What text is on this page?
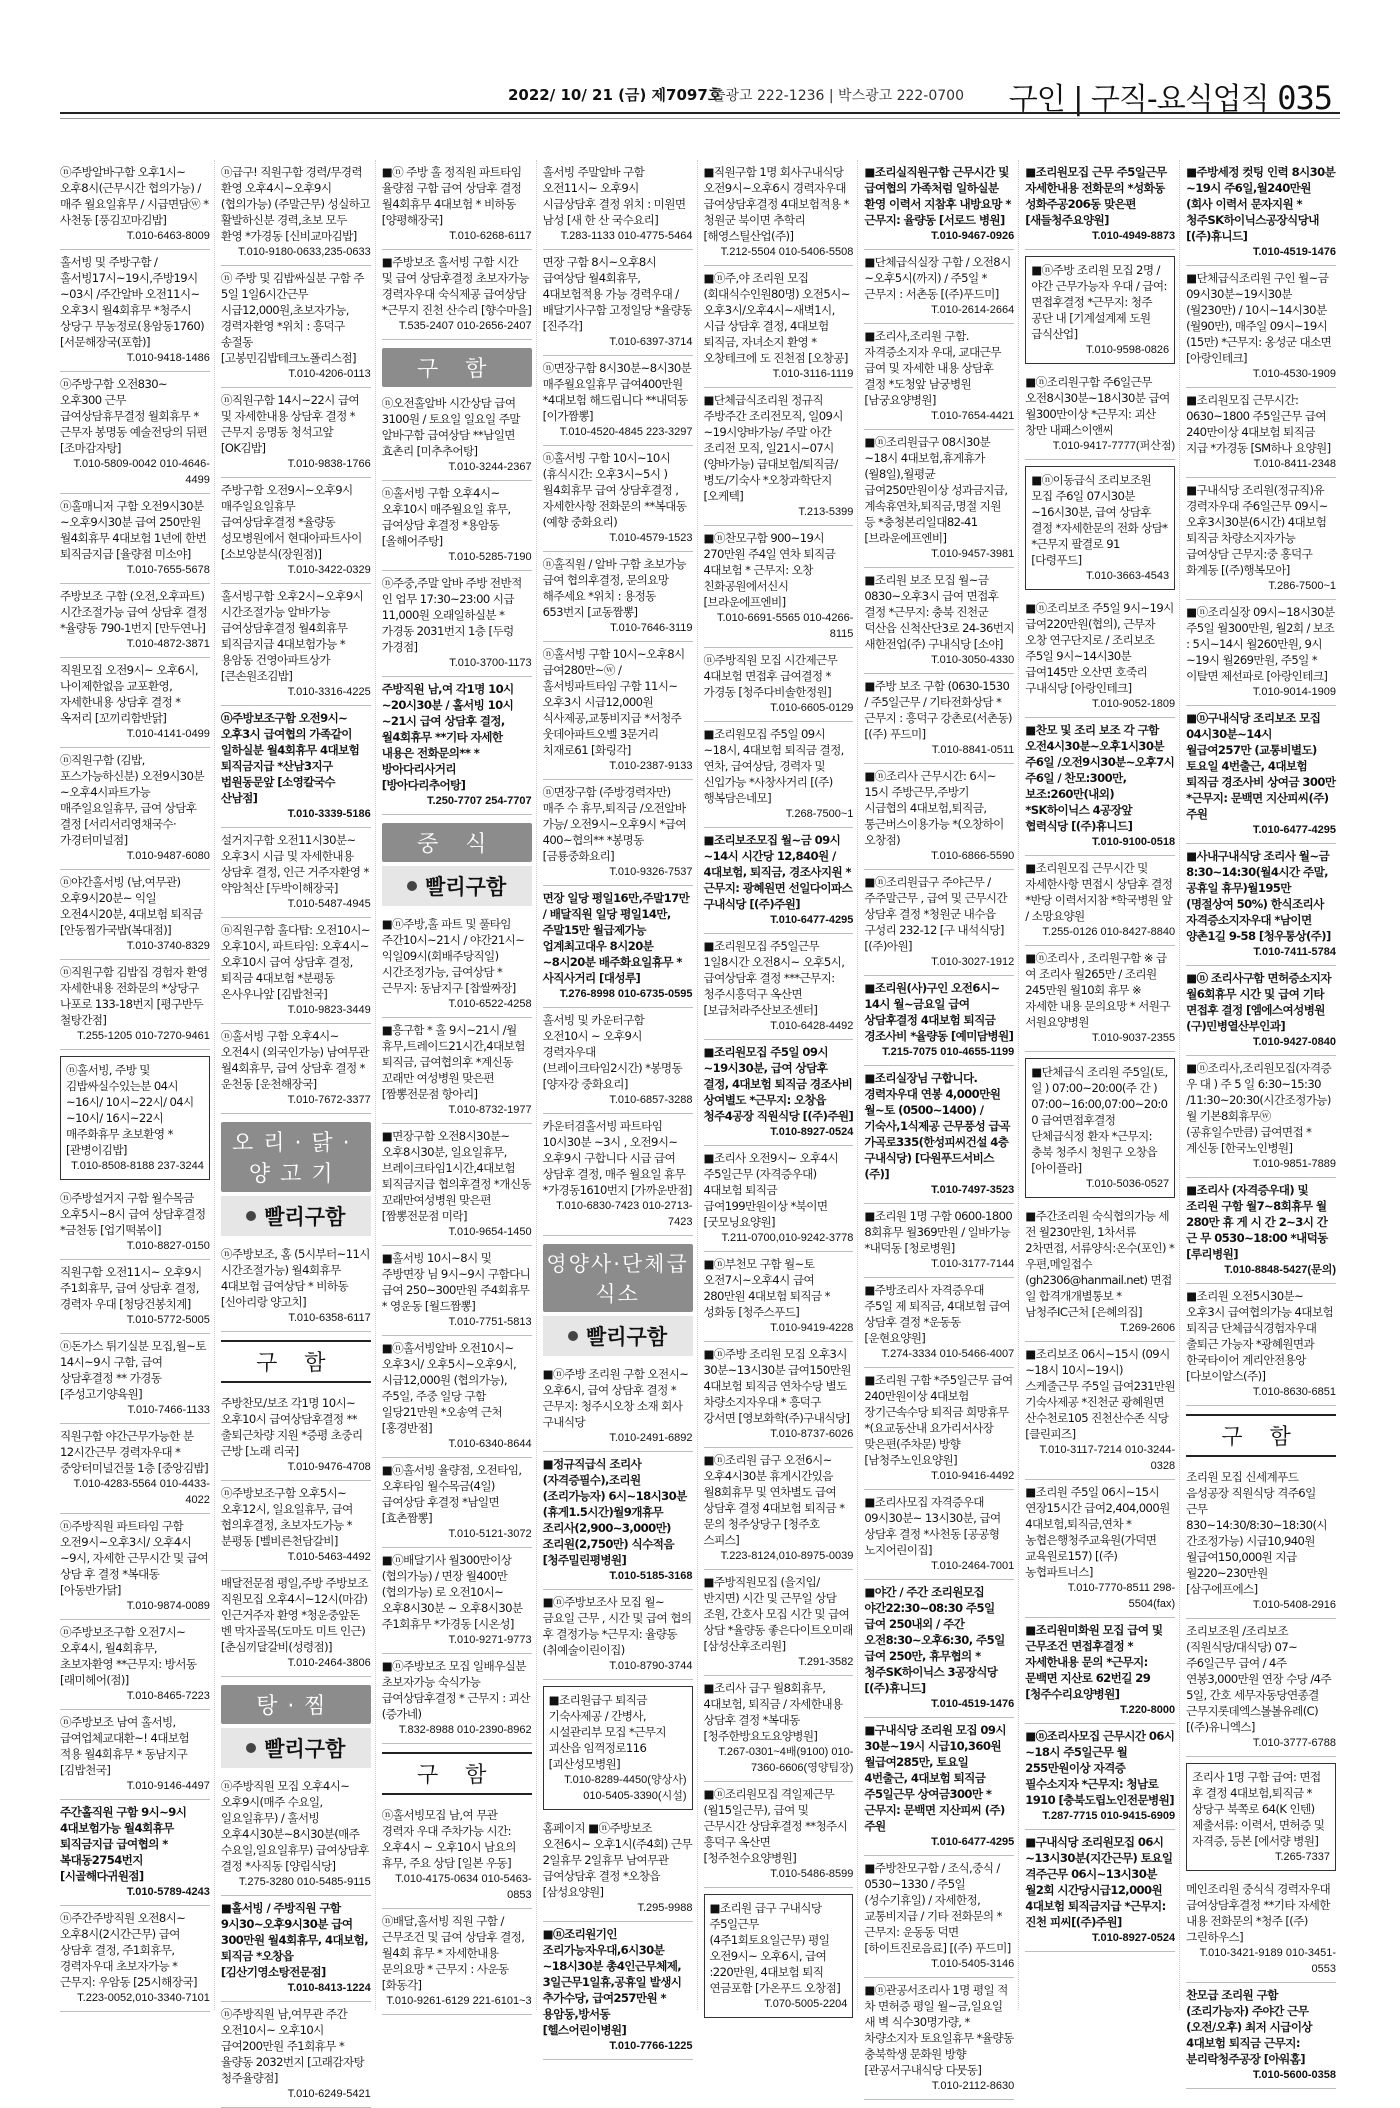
2022/ 10/ 21 (금) 제7097호
출광고 222-1236 | 박스광고 222-0700 구인 | 구직-요식업직 035
ⓝ주방알바구함 오후1시~ 오후8시(근무시간 협의가능) / 매주 월요일휴무 / 시급면담ⓦ *사천동 [풍김꼬마김밥]
T.010-6463-8009
홀서빙 및 주방구함 / 홀서빙17시~19시,주방19시~03시 /주간알바 오전11시~오후3시 월4회휴무 *청주시 상당구 무농정로(용암동1760) [서문해장국(포함)]
T.010-9418-1486
ⓝ주방구함 오전830~ 오후300 근무 급여상담휴무결정 월회휴무 *근무자 봉명동 예술전당의 뒤편 [조마감자탕]
T.010-5809-0042 010-4646-4499
ⓝ홀매니저 구함 오전9시30분~오후9시30분 급여 250만원 월4회휴무 4대보험 1년에 한번 퇴직금지급 [율량점 미소야]
T.010-7655-5678
주방보조 구함 (오전,오후파트) 시간조절가능 급여 상담후 결정 *율량동 790-1번지 [만두연나]
T.010-4872-3871
직원모집 오전9시~ 오후6시, 나이제한없음 교포환영, 자세한내용 상담후 결정 *옥저리 [꼬끼리함반닭]
T.010-4141-0499
ⓝ직원구함 (김밥, 포스가능하신분) 오전9시30분~오후4시파트가능 매주일요일휴무, 급여 상담후 결정 [서리서리영채국수·가경터미널점]
T.010-9487-6080
ⓝ야간홀서빙 (남,여무관) 오후9시20분~ 익일 오전4시20분, 4대보험 퇴직금 [안동찜가국밥(복대점)]
T.010-3740-8329
ⓝ직원구함 김밥집 경험자 환영 자세한내용 전화문의 *상당구 나포로 133-18번지 [평구반두 철탕간점]
T.255-1205 010-7270-9461
ⓝ홀서빙, 주방 및 김밥싸실수있는분 04시~16시/ 10시~22시/ 04시~10시/ 16시~22시 매주화휴무 초보환영 *[관병이김밥]
T.010-8508-8188 237-3244
ⓝ주방설거지 구함 월수목금 오후5시~8시 급여 상담후결정 *금천동 [업기떡볶이]
T.010-8827-0150
직원구함 오전11시~ 오후9시 주1회휴무, 급여 상담후 결정, 경력자 우대 [청당건봉치계]
T.010-5772-5005
ⓝ돈가스 튀기실분 모집,월~토 14시~9시 구함, 급여 상담후결정 ** 가경동 [주성고기양육원]
T.010-7466-1133
직원구함 야간근무가능한 분 12시간근무 경력자우대 *중앙터미널건물 1층 [중앙김밥]
T.010-4283-5564 010-4433-4022
ⓝ주방직원 파트타임 구함 오전9시~오후3시/ 오후4시~9시, 자세한 근무시간 및 급여 상담 후 결정 *복대동 [아동반가닭]
T.010-9874-0089
ⓝ주방보조구함 오전7시~오후4시, 월4회휴무, 초보자환영 **근무지: 방서동 [래미헤어(점)]
T.010-8465-7223
ⓝ주방보조 남여 홀서빙, 급여업체교대환~! 4대보험 적용 월4회휴무 * 동남지구 [김밥천국]
T.010-9146-4497
주간홀직원 구함 9시~9시 4대보험가능 월4회휴무 퇴직금지급 급여협의 *복대동2754번지 [시골해다귀원점]
T.010-5789-4243
ⓝ주간주방직원 오전8시~오후8시(2시간근무) 급여 상담후 결정, 주1회휴무, 경력자우대 초보자가능 *근무지: 우암동 [25시해장국]
T.223-0052,010-3340-7101
ⓝ급구! 직원구함 경력/무경력 환영 오후4시~오후9시(협의가능) (주말근무) 성실하고 활발하신분 경력,초보 모두 환영 *가경동 [신비교마김밥]
T.010-9180-0633,235-0633
ⓝ 주방 및 김밥싸실분 구함 주 5일 1일6시간근무 시급12,000원,초보자가능, 경력자환영 *위치 : 흥덕구 송절동 [고봉민김밥테크노폴리스점]
T.010-4206-0113
ⓝ직원구함 14시~22시 급여 및 자세한내용 상담후 결정 *근무지 응명동 청석고앞 [OK김밥]
T.010-9838-1766
주방구함 오전9시~오후9시 매주일요일휴무 급여상담후결정 *율량동 성모병원에서 현대아파트사이 [소보앙분식(장원점)]
T.010-3422-0329
홀서빙구함 오후2시~오후9시 시간조절가능 알바가능 급여상담후결정 월4회휴무 퇴직금지급 4대보험가능 *용암동 건영아파트상가 [큰손원조김밥]
T.010-3316-4225
ⓝ주방보조구함 오전9시~ 오후3시 급여협의 가족같이 일하실분 월4회휴무 4대보험 퇴직금지급 *산남3지구 법원동문앞 [소영칼국수 산남점]
T.010-3339-5186
설거지구함 오전11시30분~오후3시 시급 및 자세한내용 상담후 결정, 인근 거주자환영 *약암척산 [두박이해장국]
T.010-5487-4945
ⓝ직원구함 홀다탑: 오전10시~오후10시, 파트타임: 오후4시~오후10시 급여 상담후 결정, 퇴직금 4대보험 *분평동 온사우나앞 [김밥천국]
T.010-9823-3449
ⓝ홀서빙 구함 오후4시~오전4시 (외국인가능) 남여무관 월4회휴무, 급여 상담후 결정 *운천동 [운천해장국]
T.010-7672-3377
오리·닭·양고기
빨리구함
ⓝ주방보조, 홈 (5시부터~11시 시간조절가능) 월4회휴무 4대보험 급여상담 * 비하동 [신아리랑 양고치]
T.010-6358-6117
구 함
주방찬모/보조 각1명 10시~오후10시 급여상담후결정 **출퇴근차량 지원 *증평 초중리 근방 [노래 리국]
T.010-9476-4708
ⓝ주방보조구함 오후5시~오후12시, 일요일휴무, 급여 협의후결정, 초보자도가능 * 분평동 [벨비른천담갈비]
T.010-5463-4492
배달전문점 평일,주방 주방보조 직원모집 오후4시~12시(마감) 인근거주자 환영 *청운중앞돈 벤 막자골목(도마도 미트 인근) [춘심끼달갈비(성령점)]
T.010-2464-3806
탕·찜
빨리구함
ⓝ주방직원 모집 오후4시~오후9시(매주 수요일,일요일휴무) / 홀서빙 오후4시30분~8시30분(매주 수요일,일요일휴무) 급여상담후 결정 *사직동 [양림식당]
T.275-3280 010-5485-9115
■홀서빙 / 주방직원 구함 9시30~오후9시30분 급여 300만원 월4회휴무, 4대보험,퇴직금 *오창읍 [김산기영소탕전문점]
T.010-8413-1224
ⓝ주방직원 남,여무관 주간 오전10시~ 오후10시 급여200만원 주1회휴무 *율량동 2032번지 [고래감자탕 청주율량점]
T.010-6249-5421
■ⓝ 주방 홀 정직원 파트타임 율량점 구함 급여 상담후 결정 월4회휴무 4대보험 * 비하동 [양평해장국]
T.010-6268-6117
■주방보조 홀서빙 구함 시간 및 급여 상담후결정 초보자가능 경력자우대 숙식제공 급여상담 *근무지 진천 산수리 [향수마을]
T.535-2407 010-2656-2407
구 함
ⓝ오전홀알바 시간상담 급여 3100원 / 토요일 일요일 주말 알바구함 급여상담 **남일면 효촌리 [미추추어탕]
T.010-3244-2367
ⓝ홀서빙 구함 오후4시~ 오후10시 매주월요일 휴무,급여상담 후결정 *용암동 [올해어주탕]
T.010-5285-7190
ⓝ주중,주말 알바 주방 전반적 인 업무 17:30~23:00 시급 11,000원 오래일하실분 *가경동 2031번지 1층 [두렁 가경점]
T.010-3700-1173
주방직원 남,여 각1명 10시~20시30분 / 홀서빙 10시~21시 급여 상담후 결정, 월4회휴무 **기타 자세한 내용은 전화문의** *방아다리사거리 [방아다리추어탕]
T.250-7707 254-7707
중 식
빨리구함
■ⓝ주방,홀 파트 및 풀타임 주간10시~21시 / 야간21시~익일09시(회배주당직일) 시간조정가능, 급여상담 * 근무지: 동남지구 [찹쌀짜장]
T.010-6522-4258
■흥구함 * 홀 9시~21시 /월 휴무,트레이드21시간,4대보험 퇴직금, 급여협의후 *계신동 꼬래만 여성병원 맞은편 [짬뽕전문점 항아리]
T.010-8732-1977
■면장구함 오전8시30분~ 오후8시30분, 일요일휴무, 브레이크타임1시간,4대보험 퇴직금지급 협의후결정 *개신동 꼬래만여성병원 맞은편 [짬뽕전문점 미락]
T.010-9654-1450
■홀서빙 10시~8시 및 주방면장 님 9시~9시 구함다니 급여 250~300만원 주4회휴무 * 영운동 [월드짬뽕]
T.010-7751-5813
■ⓝ홀서빙알바 오전10시~오후3시/ 오후5시~오후9시, 시급12,000원 (협의가능), 주5일, 주중 일당 구함 일당21만원 *오송역 근처 [홍경반점]
T.010-6340-8644
■ⓝ홀서빙 율량점, 오전타임,오후타임 월수목금(4일) 급여상담 후결정 *남일면 [효촌짬뽕]
T.010-5121-3072
■ⓝ배달기사 월300만이상 (협의가능) / 면장 월400만 (협의가능) 로 오전10시~ 오후8시30분 ~ 오후8시30분 주1회휴무 *가경동 [시온성]
T.010-9271-9773
■ⓝ주방보조 모집 일배우실분 초보자가능 숙식가능 급여상담후결정 * 근무지 : 괴산(증가네)
T.832-8988 010-2390-8962
구 함
ⓝ홀서빙모집 남,여 무관 경력자 우대 주차가능 시간: 오후4시 ~ 오후10시 남요의 휴무, 주요 상담 [일본 우동]
T.010-4175-0634 010-5463-0853
ⓝ배달,홀서빙 직원 구함 / 근무조건 및 급여 상담후 결정, 월4회 휴무 * 자세한내용 문의요망 * 근무지 : 사운동 [화동각]
T.010-9261-6129 221-6101~3
홀서빙 주말알바 구함 오전11시~ 오후9시 시급상담후 결정 위치 : 미원면 남성 [새 한 산 국수요리]
T.283-1133 010-4775-5464
면장 구함 8시~오후8시 급여상담 월4회휴무, 4대보험적용 가능 경력우대 / 배달기사구함 고정일당 *율량동 [진주각]
T.010-6397-3714
ⓝ면장구함 8시30분~8시30분 매주월요일휴무 급여400만원 *4대보험 해드립니다 **내덕동 [이가짬뽕]
T.010-4520-4845 223-3297
ⓝ홀서빙 구함 10시~10시 (휴식시간: 오후3시~5시 )월4회휴무 급여 상담후결정 , 자세한사항 전화문의 **복대동 (예향 중화요리)
T.010-4579-1523
ⓝ홀직원 / 알바 구함 초보가능 급여 협의후결정, 문의요망 해주세요 *위치 : 용정동 653번지 [교동짬뽕]
T.010-7646-3119
ⓝ홀서빙 구함 10시~오후8시 급여280만~ⓦ / 홀서빙파트타임 구함 11시~오후3시 시급12,000원 식사제공,교통비지급 *서청주 웃데아파트오벨 3문거리 치재로61 [화링각]
T.010-2387-9133
ⓝ면장구함 (주방경력자만) 매주 수 휴무,퇴직금 /오전알바 가능/ 오전9시~오후9시 *급여 400~협의** *봉명동 [금룡중화요리]
T.010-9326-7537
면장 일당 평일16만,주말17만 / 배달직원 일당 평일14만,주말15만 월급제가능 업계최고대우 8시20분~8시20분 배주화요일휴무 * 사직사거리 [대성루]
T.276-8998 010-6735-0595
홀서빙 및 카운터구함 오전10시 ~ 오후9시 경력자우대 (브레이크타임2시간) *봉명동 [양자강 중화요리]
T.010-6857-3288
카운터겸홀서빙 파트타임 10시30분 ~3시 , 오전9시~오후9시 구합니다 시급 급여 상담후 결정, 매주 월요일 휴무 *가경동1610번지 [가까운반점]
T.010-6830-7423 010-2713-7423
영양사·단체급식소
빨리구함
■ⓝ주방 조리원 구함 오전시~ 오후6시, 급여 상담후 결정 * 근무지: 청주시오창 소재 회사 구내식당
T.010-2491-6892
■정규직급식 조리사(자격증필수),조리원(조리가능자) 6시~18시30분(휴게1.5시간)월9개휴무 조리사(2,900~3,000만)조리원(2,750만) 식수적음 [청주밀린평병원]
T.010-5185-3168
■ⓝ주방보조사 모집 월~금요일 근무 , 시간 및 급여 협의 후 결정가능 *근무지: 율량동 (취예술이린이집)
T.010-8790-3744
■조리원급구 퇴직금 기숙사제공 / 간병사,시설관리부 모집 *근무지 괴산읍 임꺽정로116 [괴산성모병원]
T.010-8289-4450(양상사) 010-5405-3390(시설)
홈페이지 ■ⓝ주방보조 오전6시~ 오후1시(주4회) 근무 2일휴무 2일휴무 남여무관 급여상담후 결정 *오창읍 [삼성요양원]
T.295-9988
■ⓝ조리원기인 조리가능자우대,6시30분~18시30분 총4인근무체제, 3일근무1일휴,공휴일 발생시 추가수당, 급여257만원 * 용암동,방서동 [헬스어린이병원]
T.010-7766-1225
■직원구함 1명 회사구내식당 오전9시~오후6시 경력자우대 급여상담후결정 4대보험적용 *청원군 북이면 추학리 [해영스틸산업(주)]
T.212-5504 010-5406-5508
■ⓝ주,야 조리원 모집 (회대식수인원80명) 오전5시~오후3시/오후4시~새벽1시, 시급 상담후 결정, 4대보험 퇴직금, 자녀소지 환영 *오창테크에 도 진천점 [오창공]
T.010-3116-1119
■단체급식조리원 정규직 주방주간 조리전모직, 일09시~19시양바가능/ 주말 아간 조리전 모직, 일21시~07시(양바가능) 급대보험/퇴직금/병도/기숙사 *오창과학단지 [오케텍]
T.213-5399
■ⓝ찬모구함 900~19시 270만원 주4일 연차 퇴직금 4대보험 * 근무지: 오창 친화공원에서신시 [브라운에프엔비]
T.010-6691-5565 010-4266-8115
ⓝ주방직원 모집 시간제근무 4대보험 면접후 급여결정 *가경동 [청주다비솔한정원]
T.010-6605-0129
■조리원모집 주5일 09시~18시, 4대보험 퇴직금 결정, 연차, 급여상담, 경력자 및 신입가능 *사창사거리 [(주)행복담은네모]
T.268-7500~1
■조리보조모집 월~금 09시 ~14시 시간당 12,840원 / 4대보험, 퇴직금, 경조사지원 *근무지: 광혜원면 선일다이파스 구내식당 [(주)주원]
T.010-6477-4295
■조리원모집 주5일근무 1일8시간 오전8시~ 오후5시, 급여상담후 결정 ***근무지: 청주시흥덕구 옥산면 [보급처라주산보조센터]
T.010-6428-4492
■조리원모집 주5일 09시~19시30분, 급여 상담후 결정, 4대보험 퇴직금 경조사비 상여별도 *근무지: 오창읍 청주4공장 직원식당 [(주)주원]
T.010-8927-0524
■조리사 오전9시~ 오후4시 주5일근무 (자격증우대) 4대보험 퇴직금 급여199만원이상 *북이면 [굿모닝요양원]
T.211-0700,010-9242-3778
■ⓝ부천모 구함 월~토 오전7시~오후4시 급여 280만원 4대보험 퇴직금 *성화동 [청주스푸드]
T.010-9419-4228
■ⓝ주방 조리원 모집 오후3시 30분~13시30분 급여150만원 4대보험 퇴직금 연차수당 별도 차량소지자우대 * 흥덕구 강서면 [영보화학(주)구내식당]
T.010-8737-6026
■ⓝ조리원 급구 오전6시~ 오후4시30분 휴게시간있음 월8회휴무 및 연차별도 급여 상담후 결정 4대보험 퇴직금 *문의 청주상당구 [청주호 스피스]
T.223-8124,010-8975-0039
■주방직원모집 (을지입/반지면) 시간 및 근무일 상담 조원, 간호사 모집 시간 및 급여 상담 *율량동 좋은다이트오미래 [삼성산후조리원]
T.291-3582
■조리사 급구 월8회휴무, 4대보험, 퇴직금 / 자세한내용 상담후 결정 *복대동 [청주한방요도요양병원]
T.267-0301~4배(9100) 010-7360-6606(영양팀장)
■ⓝ조리원모집 격일제근무 (월15일근무), 급여 및 근무시간 상담후결정 **청주시 흥덕구 옥산면 [청주천수요양병원]
T.010-5486-8599
■조리원 급구 구내식당 주5일근무(4주1회토요일근무) 평일 오전9시~ 오후6시, 급여 :220만원, 4대보험 퇴직 연금포함 [가온푸드 오창점]
T.070-5005-2204
■조리실직원구함 근무시간 및 급여협의 가족처럼 일하실분 환영 이력서 지참후 내방요망 *근무지: 율량동 [서로드 병원]
T.010-9467-0926
■단체급식실장 구함 / 오전8시~오후5시(까지) / 주5일 * 근무지 : 서촌동 [(주)푸드미]
T.010-2614-2664
■조리사,조리원 구함. 자격증소지자 우대, 교대근무 급여 및 자세한 내용 상담후 결정 *도청앞 남궁병원 [남궁요양병원]
T.010-7654-4421
■ⓝ조리원급구 08시30분~18시 4대보험,휴게휴가(월8일),월평균 급여250만원이상 성과금지급, 계속휴연차,퇴직금,명절 지원 등 *충청본리일대82-41 [브라운에프엔비]
T.010-9457-3981
■조리원 보조 모집 월~금 0830~오후3시 급여 면접후 결정 *근무지: 충북 진천군 덕산읍 신척산단3로 24-36번지 새한전업(주) 구내식당 [소야]
T.010-3050-4330
■주방 보조 구함 (0630-1530 / 주5일근무 / 기타전화상담 * 근무지 : 흥덕구 강촌로(서촌동) [(주) 푸드미]
T.010-8841-0511
■ⓝ조리사 근무시간: 6시~ 15시 주방근무,주방기 시급협의 4대보험,퇴직금,통근버스이용가능 *(오창하이 오창점)
T.010-6866-5590
■ⓝ조리원급구 주야근무 /주주말근무 , 급여 및 근무시간 상담후 결정 *청원군 내수읍 구성리 232-12 [구 내석식당] [(주)아원]
T.010-3027-1912
■조리원(사)구인 오전6시~ 14시 월~금요일 급여 상담후결정 4대보험 퇴직금 경조사비 *율량동 [예미담병원]
T.215-7075 010-4655-1199
■조리실장님 구합니다.경력자우대 연봉 4,000만원 월~토 (0500~1400) / 기숙사,1식제공 근무풍성 급곡 가곡로335(한성피씨건설 4층 구내식당) [다원푸드서비스(주)]
T.010-7497-3523
■조리원 1명 구함 0600-1800 8회휴무 월369만원 / 일바가능 *내덕동 [청로병원]
T.010-3177-7144
■주방조리사 자격증우대 주5일 제 퇴직금, 4대보험 급여 상담후 결정 *운동동 [운현요양원]
T.274-3334 010-5466-4007
■조리원 구함 *주5일근무 급여 240만원이상 4대보험 장기근속수당 퇴직금 희망휴무 *(요교동산내 요가리서사장 맞은편(주차문) 방향 [남청주노인요양원]
T.010-9416-4492
■조리사모집 자격증우대 09시30분~ 13시30분, 급여 상담후 결정 *사천동 [공공형 노지어린이집]
T.010-2464-7001
■야간 / 주간 조리원모집 야간22:30~08:30 주5일 급여 250내외 / 주간 오전8:30~오후6:30, 주5일 급여 250만, 휴무협의 *청주SK하이닉스 3공장식당 [(주)휴니드]
T.010-4519-1476
■구내식당 조리원 모집 09시 30분~19시 시급10,360원 월급여285만, 토요일 4번출근, 4대보험 퇴직금 주5일근무 상여금300만 *근무지: 문백면 지산피씨 (주)주원
T.010-6477-4295
■주방찬모구함 / 조식,중식 / 0530~1330 / 주5일(성수기휴일) / 자세한정, 교통비지급 / 기타 전화문의 * 근무지: 운동동 덕면 [하이트진로음료] [(주) 푸드미]
T.010-5405-3146
■ⓝ관공서조리사 1명 평일 적 차 면허증 평일 월~금,일요일 새 벽 식수30명가량, *차량소지자 토요일휴무 *율량동 충북학생 문화원 방향 [관공서구내식당 다뭇동]
T.010-2112-8630
■조리원모집 근무 주5일근무 자세한내용 전화문의 *성화동 성화주공206동 맞은편 [새들청주요양원]
T.010-4949-8873
■ⓝ주방 조리원 모집 2명 / 야간 근무가능자 우대 / 급여: 면접후결정 *근무지: 청주 공단 내 [기계설계제 도원 급식산업]
T.010-9598-0826
■ⓝ조리원구함 주6일근무 오전8시30분~18시30분 급여 월300만이상 *근무지: 괴산 창만 내패스이앤씨
T.010-9417-7777(퍼산점)
■ⓝ이동급식 조리보조원 모집 주6일 07시30분~16시30분, 급여 상담후 결정 *자세한문의 전화 상담* *근무지 팔결로 91 [다령푸드]
T.010-3663-4543
■ⓝ조리보조 주5일 9시~19시 급여220만원(협의), 근무자 오창 연구단지로 / 조리보조 주5일 9시~14시30분 급여145만 오산면 호죽리 구내식당 [아랑인테크]
T.010-9052-1809
■찬모 및 조리 보조 각 구함 오전4시30분~오후1시30분 주6일 /오전9시30분~오후7시 주6일 / 찬모:300만,보조:260만(내외) *SK하이닉스 4공장앞 협력식당 [(주)휴니드]
T.010-9100-0518
■조리원모집 근무시간 및 자세한사항 면접시 상담후 결정 *반당 이력서지참 *학국병원 앞 / 소망요양원
T.255-0126 010-8427-8840
■ⓝ조리사 , 조리원구함 ※ 급 여 조리사 월265만 / 조리원 245만원 월10회 휴무 ※ 자세한 내용 문의요망 * 서원구 서원요양병원
T.010-9037-2355
■단체급식 조리원 주5일(토, 일 ) 07:00~20:00(주 간 ) 07:00~16:00,07:00~20:00 급여면접후결정 단체급식정 환자 *근무지:충북 청주시 청원구 오창읍 [아이플라]
T.010-5036-0527
■주간조리원 숙식협의가능 세 전 월230만원, 1차서류 2차면접, 서류양식:온수(포인) *우편,메일접수 (gh2306@hanmail.net) 면접 일 합격개개별통보 *남청주IC근처 [은혜의집]
T.269-2606
■조리보조 06시~15시 (09시~18시 10시~19시) 스케줄근무 주5일 급여231만원 기숙사제공 *진천군 광혜원면 산수천로105 진천산수존 식당 [클린피즈]
T.010-3117-7214 010-3244-0328
■조리원 주5일 06시~15시 연장15시간 급여2,404,000원 4대보험,퇴직금,연차 *농협은행청주교육원(가덕면 교육원로157) [(주)농협파트너스]
T.010-7770-8511 298-5504(fax)
■조리원미화원 모집 급여 및 근무조건 면접후결정 * 자세한내용 문의 *근무지: 문백면 지산로 62번길 29 [청주수리요양병원]
T.220-8000
■ⓝ조리사모집 근무시간 06시~18시 주5일근무 월 255만원이상 자격증 필수소지자 *근무지: 청남로 1910 [충북도립노인전문병원]
T.287-7715 010-9415-6909
■구내식당 조리원모집 06시 ~13시30분(지간근무) 토요일 격주근무 06시~13시30분 월2회 시간당시급12,000원 4대보험 퇴직금지급 *근무지: 진천 피씨[(주)주원]
T.010-8927-0524
■주방세정 컷팅 인력 8시30분 ~19시 주6일,월240만원(회사 이력서 문자지원 *청주SK하이닉스공장식당내 [(주)휴니드]
T.010-4519-1476
■단체급식조리원 구인 월~금 09시30분~19시30분 (월230만) / 10시~14시30분 (월90만), 매주일 09시~19시(15만) *근무지: 옹성군 대소면 [아랑인테크]
T.010-4530-1909
■조리원모집 근무시간: 0630~1800 주5일근무 급여 240만이상 4대보험 퇴직금 지급 *가경동 [SM하나 요양원]
T.010-8411-2348
■구내식당 조리원(정규직)유 경력자우대 주6일근무 09시~오후3시30분(6시간) 4대보험 퇴직금 차량소지자가능 급여상담 근무지:중 홍덕구 화계동 [(주)행복모아]
T.286-7500~1
■ⓝ조리실장 09시~18시30분 주5일 월300만원, 월2회 / 보조 : 5시~14시 월260만원, 9시~19시 월269만원, 주5일 * 이탈면 제선파로 [아랑인테크]
T.010-9014-1909
■ⓝ구내식당 조리보조 모집 04시30분~14시 월급여257만 (교통비별도) 토요일 4번출근, 4대보험 퇴직금 경조사비 상여금 300만 *근무지: 문백면 지산피씨(주)주원
T.010-6477-4295
■사내구내식당 조리사 월~금 8:30~14:30(월4시간 주말,공휴일 휴무)월195만(명절상여 50%) 한식조리사 자격증소지자우대 *남이면 양촌1길 9-58 [청우통상(주)]
T.010-7411-5784
■ⓝ 조리사구함 면허증소지자 월6회휴무 시간 및 급여 기타 면접후 결정 [엠에스여성병원(구)민병열산부인과]
T.010-9427-0840
■ⓝ조리사,조리원모집(자격증 우 대 ) 주 5 일 6:30~15:30 /11:30~20:30(시간조정가능) 월 기본8회휴무ⓦ (공휴일수만큼) 급여면접 *계신동 [한국노인병원]
T.010-9851-7889
■조리사 (자격증우대) 및 조리원 구함 월7~8회휴무 월 280만 휴 게 시 간 2~3시 간 근 무 0530~18:00 *내덕동 [루리병원]
T.010-8848-5427(문의)
■조리원 오전5시30분~ 오후3시 급여협의가능 4대보험 퇴직금 단체급식경험자우대 출퇴근 가능자 *광혜원면과 한국타이어 계리안전용앙 [다보이알스(주)]
T.010-8630-6851
구 함
조리원 모집 신세계푸드 음성공장 직원식당 격주6일 근무 830~14:30/8:30~18:30(시간조정가능) 시급10,940원 월급여150,000원 지급 월220~230만원 [삼구에프에스]
T.010-5408-2916
조리보조원 /조리보조 (직원식당/대식당) 07~주6일근무 급여 / 4주 연봉3,000만원 연장 수당 /4주 5일, 간호 세무자동당연종결 근무지롯데엑스볼볼유레(C) [(주)유니엑스]
T.010-3777-6788
조리사 1명 구함 급여: 면접 후 결정 4대보험,퇴직금 * 상당구 북쪽로 64(K 인텐) 제출서류: 이력서, 면허증 및 자격증, 등본 [에서량 병원]
T.265-7337
메인조리원 중식식 경력자우대 급여상담후결정 **기타 자세한 내용 전화문의 *청주 [(주)그린하우스]
T.010-3421-9189 010-3451-0553
찬모급 조리원 구함(조리가능자) 주야간 근무(오전/오후) 최저 시급이상 4대보험 퇴직금 근무지: 분리락청주공장 [아워홈]
T.010-5600-0358
